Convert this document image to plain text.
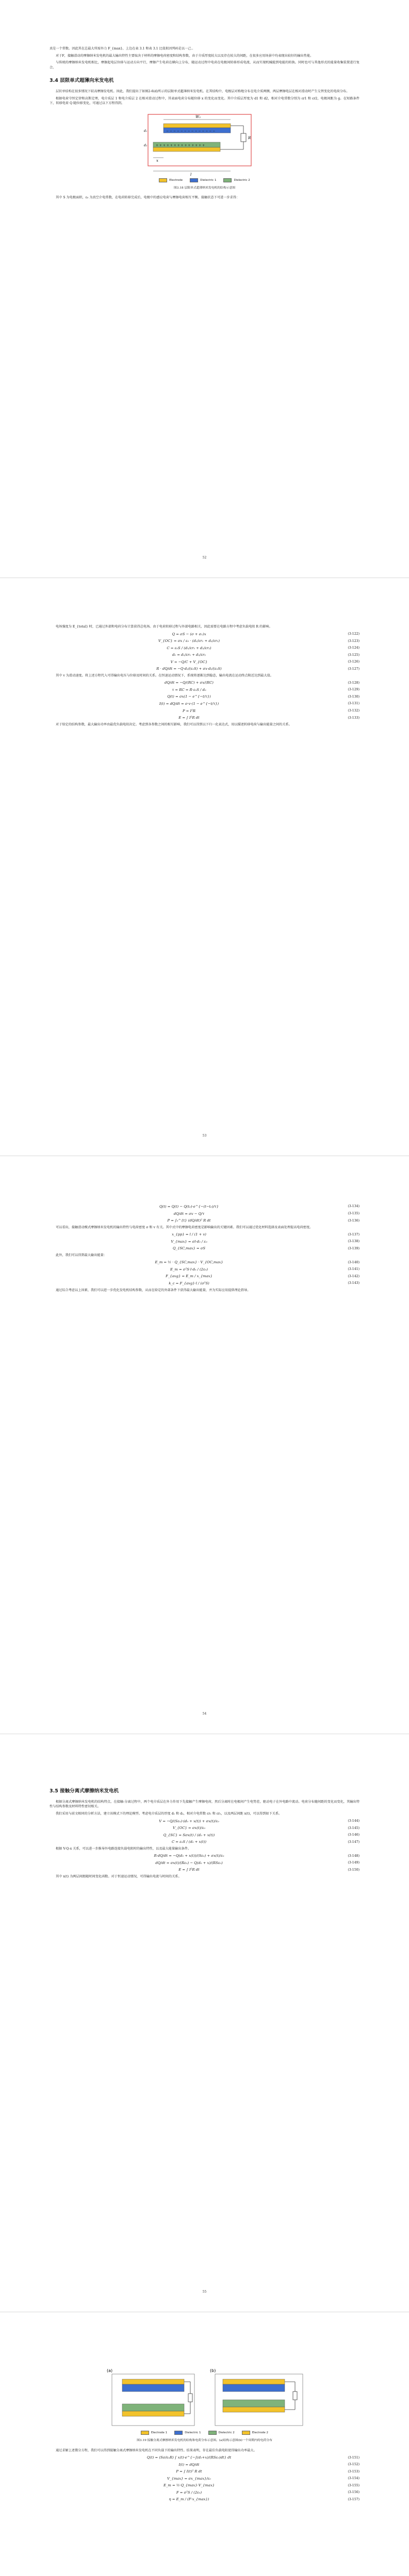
真是一个常数。因此其在总最大所需外力 F_{max}，上边在表 3.1 和表 3.1 比值拟因列码是以一己..

对于F，接触滑动的摩擦纳米发电机的最大输出特性主要取决于材料的摩擦电荷密度和结构参数，由于介质厚度较大以及存在较大的间距，在很多应用场景中均表现出较好的输出性能。

与传统的摩擦纳米发电机相比，摩擦起电层位移与运动方向平行，摩擦产生电荷在横向上分布，随运动过程中电荷在电极间转移形成电流，从而实现机械能到电能的转换。同时也可与其他形式的能量收集装置进行复合。

3.4 层限单式超薄向米发电机

层状单结构在很多情况下较高摩擦发电机。因此，我们提出了如图2-6(d)所示的层限单式超薄纳米发电机。在其结构中，电极层对称地分布在电介质两侧，两层摩擦电层在相对滑动时产生交替变化的电荷分布。

根据电荷守恒定律和高斯定理，电介质层 1 和电介质层 2 在相对滑动过程中，其表面电荷分布随位移 x 的变化而变化。其中介质层厚度为 d1 和 d2，相对介电常数分别为 εr1 和 εr2，电极间距为 g。在短路条件下，转移电荷 Q 随位移变化，可通过以下方程得到。

− − − − − − − − − − − − − −
+ + + + + + + + + + + + + +
R
W₂
x
d₁
d₂
l
Electrode	Dielectric 1	Dielectric 2
图3.18 层限单式超薄纳米发电机的结构示意图

其中 S 为电极面积，ε₀ 为真空介电常数，在电荷转移完成后，电极中的感应电荷与摩擦电荷相互平衡。接触状态下可进一步求得：

52

电场强度为 E_{total} 时，已通过外部和电荷分布计算获得总电场。由于电荷转移过程与外部电路相关，因此需要在电路方程中考虑负载电阻 R 的影响。

Q = σS − (σ + σ₁)x	(3-122)
V_{OC} = σx / ε₀ · (d₁/εr₁ + d₂/εr₂)	(3-123)
C = ε₀S / (d₁/εr₁ + d₂/εr₂)	(3-124)
d₀ = d₁/εr₁ + d₂/εr₂	(3-125)
V = −Q/C + V_{OC}	(3-126)
R · dQ/dt = −Q·d₀/(ε₀S) + σx·d₀/(ε₀S)	(3-127)

其中 v 为滑动速度。将上述方程代入可得输出电压与位移及时间的关系。在恒速运动情况下，系统将逐渐达到稳态，输出电流在运动终点附近达到最大值。

dQ/dt = −Q/(RC) + σx/(RC)	(3-128)
τ = RC = R·ε₀S / d₀	(3-129)
Q(t) = σx(1 − e^{−t/τ})	(3-130)
I(t) = dQ/dt = σ·v·(1 − e^{−t/τ})	(3-131)
P = I²R	(3-132)
E = ∫ I²R dt	(3-133)

对于给定的结构参数，最大输出功率由最优负载电阻决定。考虑到各参数之间的相互影响，我们可以得到以下归一化表达式，用以描述转移电荷与输出能量之间的关系。

53
Q(t) = Q(t) − Q(t₀)·e^{−(t−t₀)/τ}	(3-134)
dQ/dt = σv − Q/τ	(3-135)
P = ∫₀^{t} (dQ/dt)² R dt	(3-136)

可以看出，接触滑动模式摩擦纳米发电机的输出特性与电荷密度 σ 和 v 有关。其中式中的摩擦电荷密度是影响输出的关键因素。我们可以通过优化材料选择及表面处理提高电荷密度。

x_{pp} = l / (1 + v)	(3-137)
V_{max} = σl·d₀ / ε₀	(3-138)
Q_{SC,max} = σS	(3-139)

此外，我们可以得到最大输出能量：

E_m = ½ · Q_{SC,max} · V_{OC,max}	(3-140)
E_m = σ²S·l·d₀ / (2ε₀)	(3-141)
F_{avg} = E_m / x_{max}	(3-142)
k_c = F_{avg}·l / (σ²S)	(3-143)

通过综合考虑以上因素，我们可以进一步优化发电机结构参数，从而在给定的外部条件下获得最大输出能量，并为实际应用提供理论指导。

54
3.5 接触分离式摩擦纳米发电机

根据分离式摩擦纳米发电机的结构特点，在接触-分离过程中，两个电介质层在外力作用下先接触产生摩擦电荷，然后分离时在电极间产生电势差，驱动电子在外电路中流动。电荷分布随间距的变化而变化，其输出特性与结构参数及材料特性密切相关。

我们采用与前文相同的分析方法，建立该模式下的理论模型。考虑电介质层的厚度 d₁ 和 d₂，相对介电常数 εr₁ 和 εr₂，以及两层间距 x(t)，可以得到如下关系。

V = −Q/(Sε₀)·(d₀ + x(t)) + σx(t)/ε₀	(3-144)
V_{OC} = σx(t)/ε₀	(3-145)
Q_{SC} = Sσx(t) / (d₀ + x(t))	(3-146)
C = ε₀S / (d₀ + x(t))	(3-147)

根据 V-Q-x 关系，可以进一步推导外电路连接负载电阻时的输出特性，以及最大能量输出条件。

R·dQ/dt = −Q(d₀ + x(t))/(Sε₀) + σx(t)/ε₀	(3-148)
dQ/dt = σx(t)/(Rε₀) − Q(d₀ + x)/(RSε₀)	(3-149)
E = ∫ I²R dt	(3-150)

其中 x(t) 为两层间距随时间变化函数。对于恒速运动情况，可得输出电流与时间的关系。

55
(a)	(b)
Electrode 1	Dielectric 1	Dielectric 2	Electrode 2
图3.19 接触分离式摩擦纳米发电机的结构和电荷分布示意图。(a)结构示意图(b)一个周期内的电荷分布

通过求解上述微分方程，我们可以得到接触分离式摩擦纳米发电机在不同负载下的输出特性。结果表明，存在最佳负载电阻使得输出功率最大。

Q(t) = (Sσ/ε₀R) ∫ x(t)·e^{−∫(d₀+x)/(RSε₀)dt} dt	(3-151)
I(t) = dQ/dt	(3-152)
P = ∫ I(t)² R dt	(3-153)
V_{max} = σx_{max}/ε₀	(3-154)
E_m = ½·Q_{max}·V_{max}	(3-155)
F = σ²S / (2ε₀)	(3-156)
η = E_m / (F·x_{max})	(3-157)
